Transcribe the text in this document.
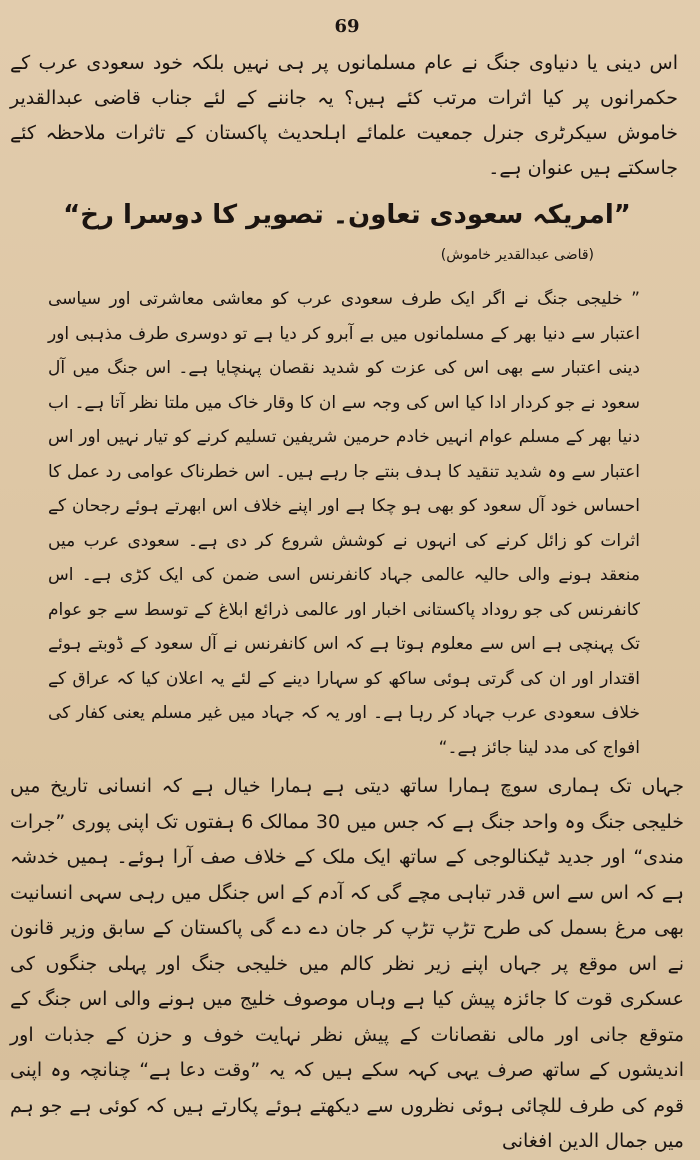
69

اس دینی یا دنیاوی جنگ نے عام مسلمانوں پر ہی نہیں بلکہ خود سعودی عرب کے حکمرانوں پر کیا اثرات مرتب کئے ہیں؟ یہ جاننے کے لئے جناب قاضی عبدالقدیر خاموش سیکرٹری جنرل جمعیت علمائے اہلحدیث پاکستان کے تاثرات ملاحظہ کئے جاسکتے ہیں عنوان ہے۔

”امریکہ سعودی تعاون۔ تصویر کا دوسرا رخ“
(قاضی عبدالقدیر خاموش)

” خلیجی جنگ نے اگر ایک طرف سعودی عرب کو معاشی معاشرتی اور سیاسی اعتبار سے دنیا بھر کے مسلمانوں میں بے آبرو کر دیا ہے تو دوسری طرف مذہبی اور دینی اعتبار سے بھی اس کی عزت کو شدید نقصان پہنچایا ہے۔ اس جنگ میں آل سعود نے جو کردار ادا کیا اس کی وجہ سے ان کا وقار خاک میں ملتا نظر آتا ہے۔ اب دنیا بھر کے مسلم عوام انہیں خادم حرمین شریفین تسلیم کرنے کو تیار نہیں اور اس اعتبار سے وہ شدید تنقید کا ہدف بنتے جا رہے ہیں۔ اس خطرناک عوامی رد عمل کا احساس خود آل سعود کو بھی ہو چکا ہے اور اپنے خلاف اس ابھرتے ہوئے رجحان کے اثرات کو زائل کرنے کی انہوں نے کوشش شروع کر دی ہے۔ سعودی عرب میں منعقد ہونے والی حالیہ عالمی جہاد کانفرنس اسی ضمن کی ایک کڑی ہے۔ اس کانفرنس کی جو روداد پاکستانی اخبار اور عالمی ذرائع ابلاغ کے توسط سے جو عوام تک پہنچی ہے اس سے معلوم ہوتا ہے کہ اس کانفرنس نے آل سعود کے ڈوبتے ہوئے اقتدار اور ان کی گرتی ہوئی ساکھ کو سہارا دینے کے لئے یہ اعلان کیا کہ عراق کے خلاف سعودی عرب جہاد کر رہا ہے۔ اور یہ کہ جہاد میں غیر مسلم یعنی کفار کی افواج کی مدد لینا جائز ہے۔“

جہاں تک ہماری سوچ ہمارا ساتھ دیتی ہے ہمارا خیال ہے کہ انسانی تاریخ میں خلیجی جنگ وہ واحد جنگ ہے کہ جس میں 30 ممالک 6 ہفتوں تک اپنی پوری ”جرات مندی“ اور جدید ٹیکنالوجی کے ساتھ ایک ملک کے خلاف صف آرا ہوئے۔ ہمیں خدشہ ہے کہ اس سے اس قدر تباہی مچے گی کہ آدم کے اس جنگل میں رہی سہی انسانیت بھی مرغ بسمل کی طرح تڑپ تڑپ کر جان دے دے گی پاکستان کے سابق وزیر قانون نے اس موقع پر جہاں اپنے زیر نظر کالم میں خلیجی جنگ اور پہلی جنگوں کی عسکری قوت کا جائزہ پیش کیا ہے وہاں موصوف خلیج میں ہونے والی اس جنگ کے متوقع جانی اور مالی نقصانات کے پیش نظر نہایت خوف و حزن کے جذبات اور اندیشوں کے ساتھ صرف یہی کہہ سکے ہیں کہ یہ ”وقت دعا ہے“ چنانچہ وہ اپنی قوم کی طرف للچائی ہوئی نظروں سے دیکھتے ہوئے پکارتے ہیں کہ کوئی ہے جو ہم میں جمال الدین افغانی
